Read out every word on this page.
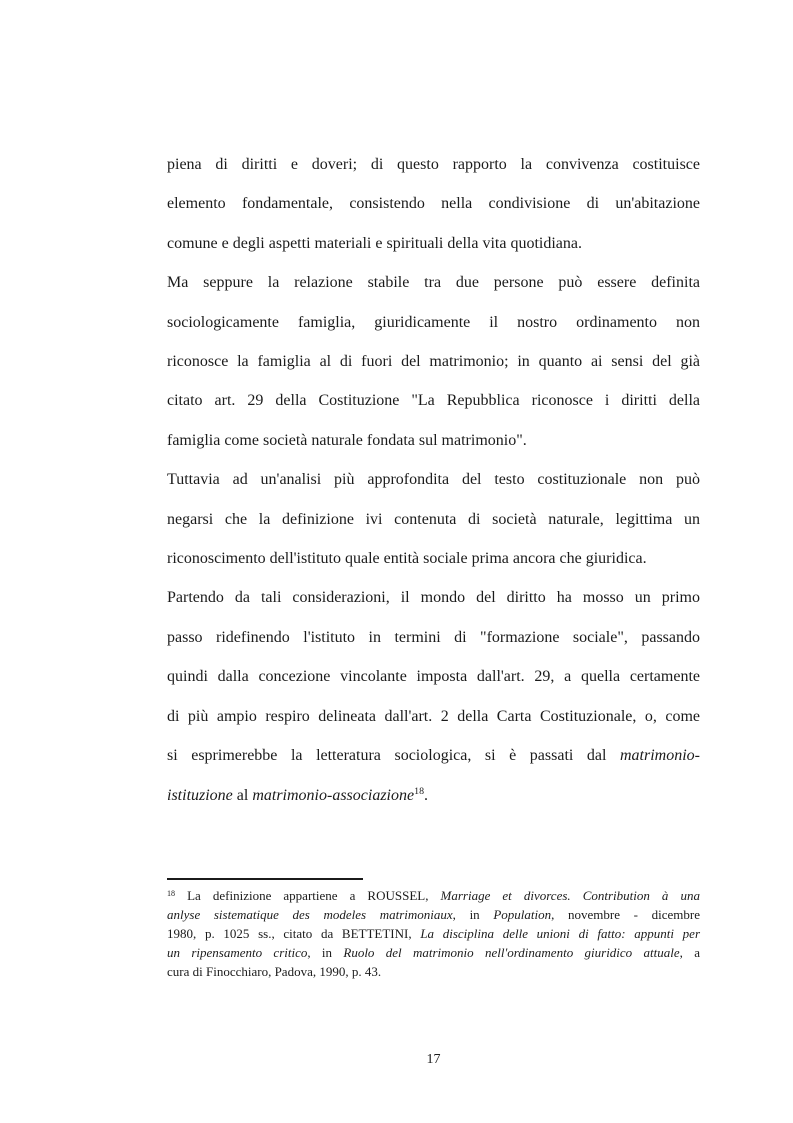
piena di diritti e doveri; di questo rapporto la convivenza costituisce
elemento fondamentale, consistendo nella condivisione di un'abitazione
comune e degli aspetti materiali e spirituali della vita quotidiana.
Ma seppure la relazione stabile tra due persone può essere definita
sociologicamente famiglia, giuridicamente il nostro ordinamento non
riconosce la famiglia al di fuori del matrimonio; in quanto ai sensi del già
citato art. 29 della Costituzione "La Repubblica riconosce i diritti della
famiglia come società naturale fondata sul matrimonio".
Tuttavia ad un'analisi più approfondita del testo costituzionale non può
negarsi che la definizione ivi contenuta di società naturale, legittima un
riconoscimento dell'istituto quale entità sociale prima ancora che giuridica.
Partendo da tali considerazioni, il mondo del diritto ha mosso un primo
passo ridefinendo l'istituto in termini di "formazione sociale", passando
quindi dalla concezione vincolante imposta dall'art. 29, a quella certamente
di più ampio respiro delineata dall'art. 2 della Carta Costituzionale, o, come
si esprimerebbe la letteratura sociologica, si è passati dal matrimonio-
istituzione al matrimonio-associazione$^{18}$.
$^{18}$ La definizione appartiene a ROUSSEL, Marriage et divorces. Contribution à una
anlyse sistematique des modeles matrimoniaux, in Population, novembre - dicembre
1980, p. 1025 ss., citato da BETTETINI, La disciplina delle unioni di fatto: appunti per
un ripensamento critico, in Ruolo del matrimonio nell'ordinamento giuridico attuale, a
cura di Finocchiaro, Padova, 1990, p. 43.
17
